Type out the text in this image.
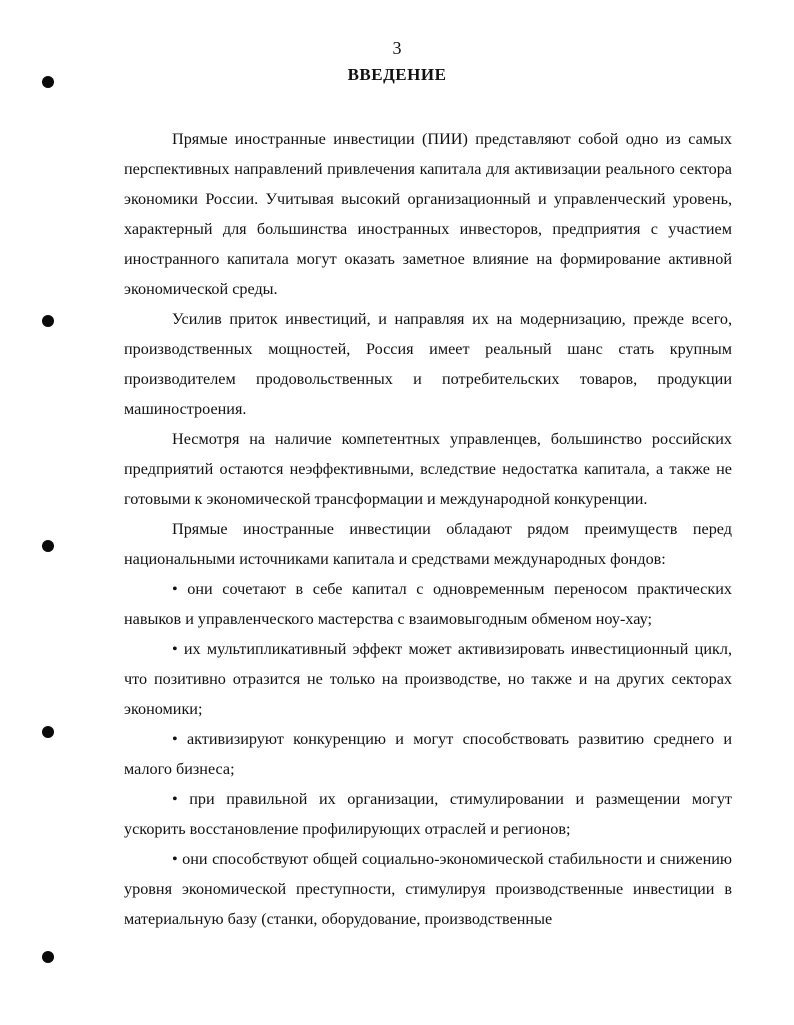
3
ВВЕДЕНИЕ

Прямые иностранные инвестиции (ПИИ) представляют собой одно из самых перспективных направлений привлечения капитала для активизации реального сектора экономики России. Учитывая высокий организационный и управленческий уровень, характерный для большинства иностранных инвесторов, предприятия с участием иностранного капитала могут оказать заметное влияние на формирование активной экономической среды.

Усилив приток инвестиций, и направляя их на модернизацию, прежде всего, производственных мощностей, Россия имеет реальный шанс стать крупным производителем продовольственных и потребительских товаров, продукции машиностроения.

Несмотря на наличие компетентных управленцев, большинство российских предприятий остаются неэффективными, вследствие недостатка капитала, а также не готовыми к экономической трансформации и международной конкуренции.

Прямые иностранные инвестиции обладают рядом преимуществ перед национальными источниками капитала и средствами международных фондов:

• они сочетают в себе капитал с одновременным переносом практических навыков и управленческого мастерства с взаимовыгодным обменом ноу-хау;

• их мультипликативный эффект может активизировать инвестиционный цикл, что позитивно отразится не только на производстве, но также и на других секторах экономики;

• активизируют конкуренцию и могут способствовать развитию среднего и малого бизнеса;

• при правильной их организации, стимулировании и размещении могут ускорить восстановление профилирующих отраслей и регионов;

• они способствуют общей социально-экономической стабильности и снижению уровня экономической преступности, стимулируя производственные инвестиции в материальную базу (станки, оборудование, производственные
